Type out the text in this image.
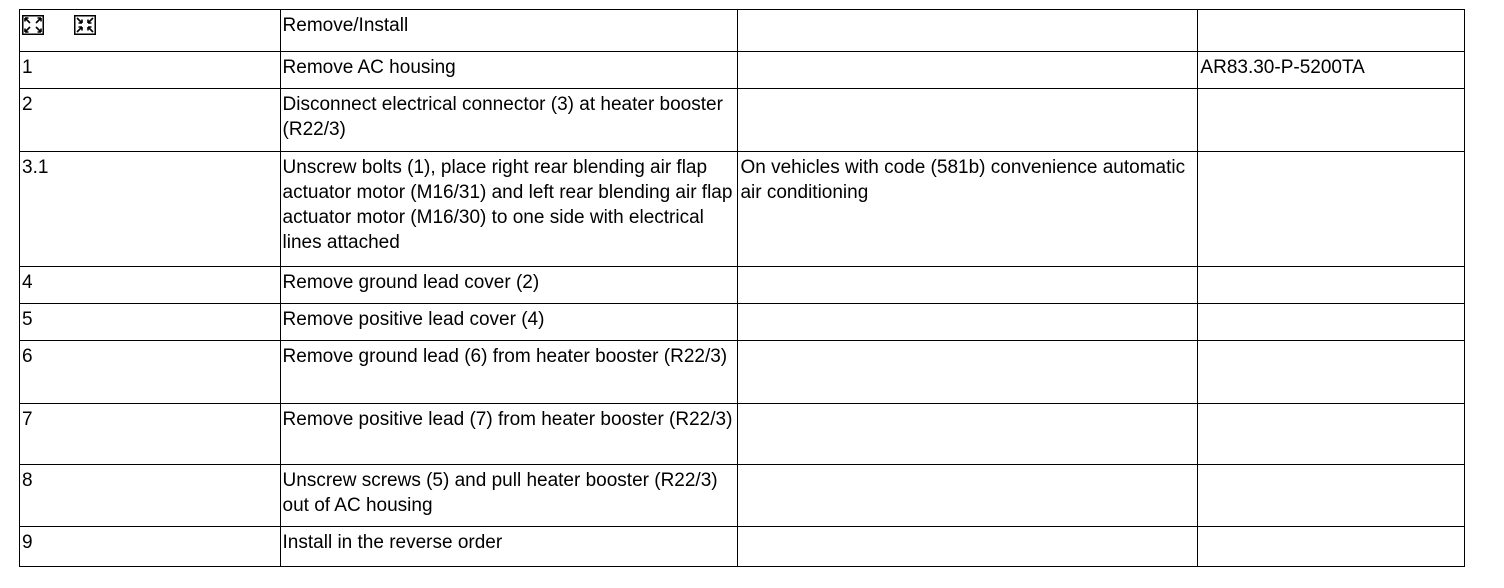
	Remove/Install		
1	Remove AC housing		AR83.30-P-5200TA
2	Disconnect electrical connector (3) at heater booster (R22/3)		
3.1	Unscrew bolts (1), place right rear blending air flap actuator motor (M16/31) and left rear blending air flap actuator motor (M16/30) to one side with electrical lines attached	On vehicles with code (581b) convenience automatic air conditioning	
4	Remove ground lead cover (2)		
5	Remove positive lead cover (4)		
6	Remove ground lead (6) from heater booster (R22/3)		
7	Remove positive lead (7) from heater booster (R22/3)		
8	Unscrew screws (5) and pull heater booster (R22/3) out of AC housing		
9	Install in the reverse order		
